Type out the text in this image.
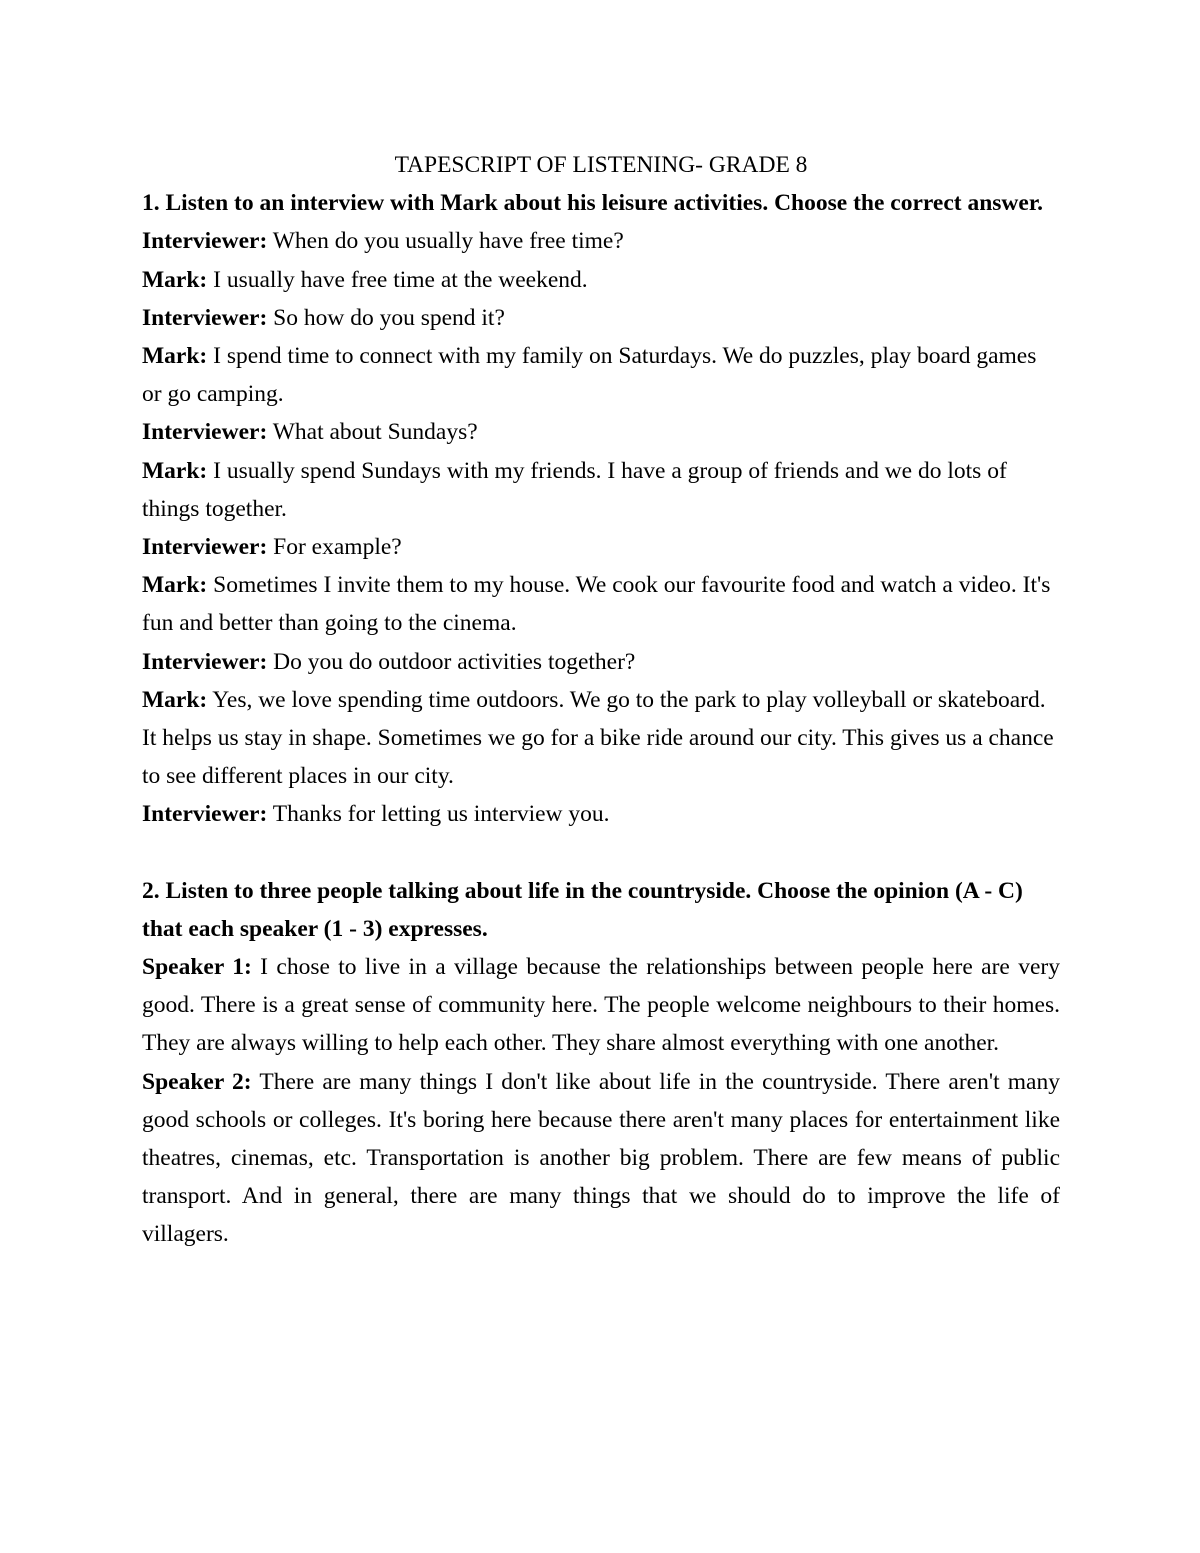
TAPESCRIPT OF LISTENING- GRADE 8

1. Listen to an interview with Mark about his leisure activities. Choose the correct answer.

Interviewer: When do you usually have free time?

Mark: I usually have free time at the weekend.

Interviewer: So how do you spend it?

Mark: I spend time to connect with my family on Saturdays. We do puzzles, play board games or go camping.

Interviewer: What about Sundays?

Mark: I usually spend Sundays with my friends. I have a group of friends and we do lots of things together.

Interviewer: For example?

Mark: Sometimes I invite them to my house. We cook our favourite food and watch a video. It's fun and better than going to the cinema.

Interviewer: Do you do outdoor activities together?

Mark: Yes, we love spending time outdoors. We go to the park to play volleyball or skateboard. It helps us stay in shape. Sometimes we go for a bike ride around our city. This gives us a chance to see different places in our city.

Interviewer: Thanks for letting us interview you.

2. Listen to three people talking about life in the countryside. Choose the opinion (A - C) that each speaker (1 - 3) expresses.

Speaker 1: I chose to live in a village because the relationships between people here are very good. There is a great sense of community here. The people welcome neighbours to their homes. They are always willing to help each other. They share almost everything with one another.

Speaker 2: There are many things I don't like about life in the countryside. There aren't many good schools or colleges. It's boring here because there aren't many places for entertainment like theatres, cinemas, etc. Transportation is another big problem. There are few means of public transport. And in general, there are many things that we should do to improve the life of villagers.
